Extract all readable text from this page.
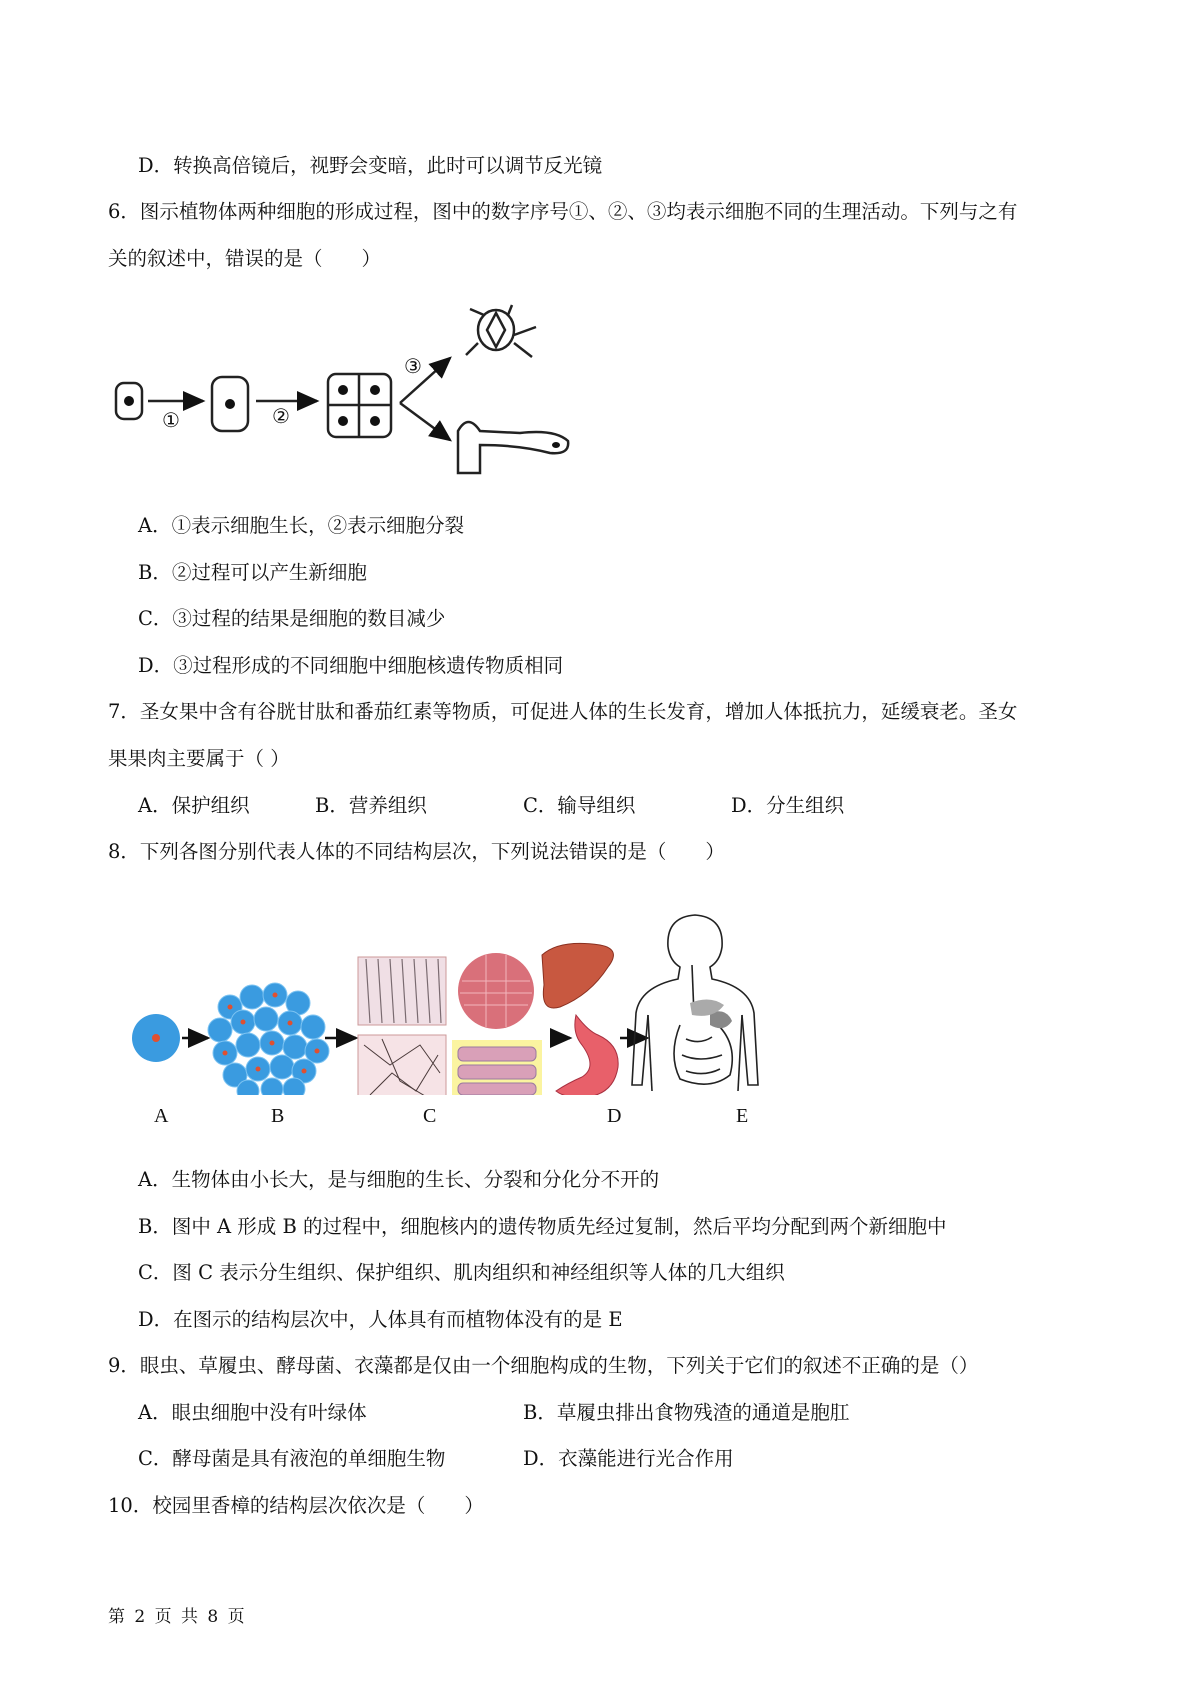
D．转换高倍镜后，视野会变暗，此时可以调节反光镜
6．图示植物体两种细胞的形成过程，图中的数字序号①、②、③均表示细胞不同的生理活动。下列与之有
关的叙述中，错误的是（　　）
①	②
③
A．①表示细胞生长，②表示细胞分裂
B．②过程可以产生新细胞
C．③过程的结果是细胞的数目减少
D．③过程形成的不同细胞中细胞核遗传物质相同
7．圣女果中含有谷胱甘肽和番茄红素等物质，可促进人体的生长发育，增加人体抵抗力，延缓衰老。圣女
果果肉主要属于（ ）
A．保护组织	B．营养组织	C．输导组织	D．分生组织
8．下列各图分别代表人体的不同结构层次，下列说法错误的是（　　）
A	B	C	D	E
A．生物体由小长大，是与细胞的生长、分裂和分化分不开的
B．图中 A 形成 B 的过程中，细胞核内的遗传物质先经过复制，然后平均分配到两个新细胞中
C．图 C 表示分生组织、保护组织、肌肉组织和神经组织等人体的几大组织
D．在图示的结构层次中，人体具有而植物体没有的是 E
9．眼虫、草履虫、酵母菌、衣藻都是仅由一个细胞构成的生物，下列关于它们的叙述不正确的是（）
A．眼虫细胞中没有叶绿体	B．草履虫排出食物残渣的通道是胞肛
C．酵母菌是具有液泡的单细胞生物	D．衣藻能进行光合作用
10．校园里香樟的结构层次依次是（　　）
第 2 页 共 8 页
